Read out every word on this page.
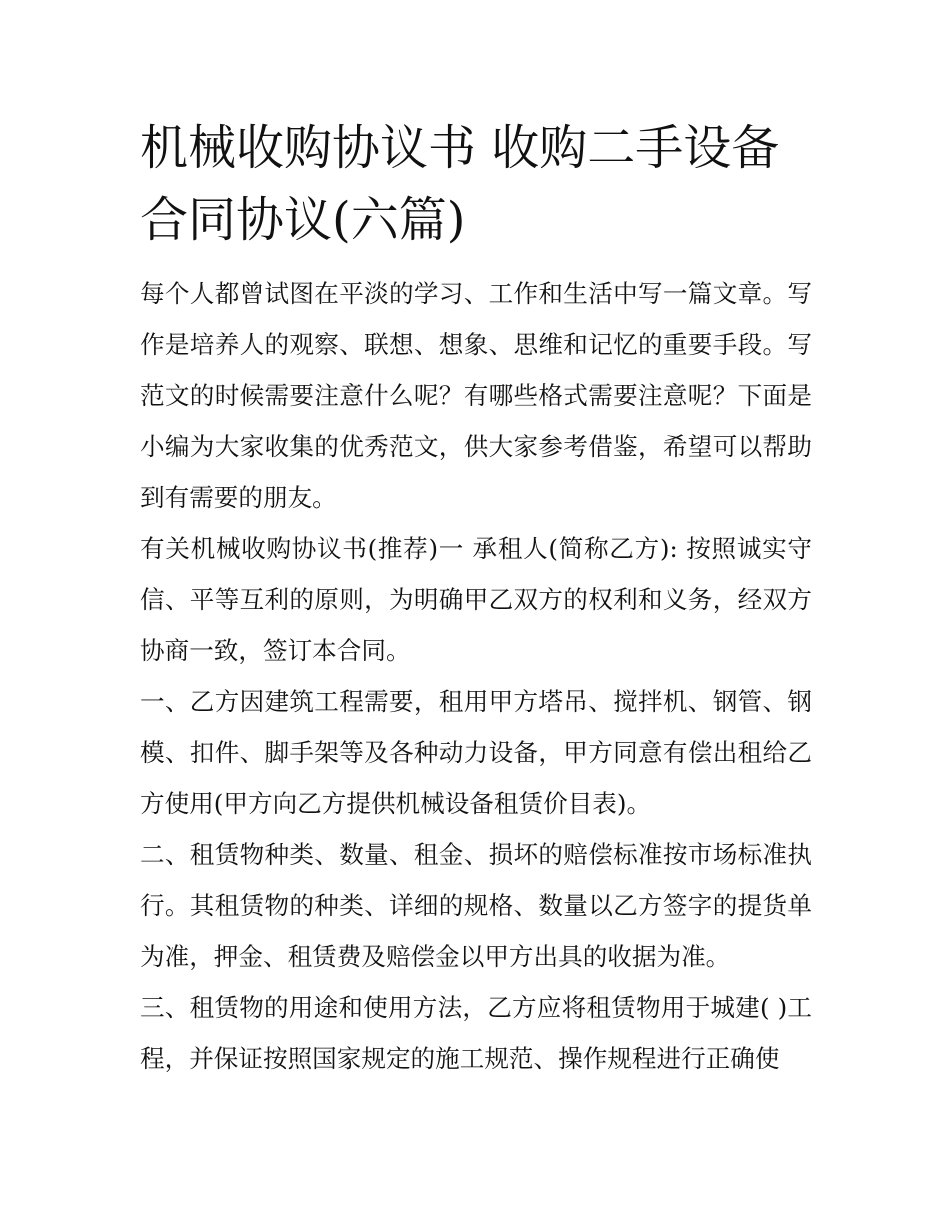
机械收购协议书 收购二手设备合同协议(六篇)

每个人都曾试图在平淡的学习、工作和生活中写一篇文章。写作是培养人的观察、联想、想象、思维和记忆的重要手段。写范文的时候需要注意什么呢？有哪些格式需要注意呢？下面是小编为大家收集的优秀范文，供大家参考借鉴，希望可以帮助到有需要的朋友。

有关机械收购协议书(推荐)一 承租人(简称乙方): 按照诚实守信、平等互利的原则，为明确甲乙双方的权利和义务，经双方协商一致，签订本合同。

一、乙方因建筑工程需要，租用甲方塔吊、搅拌机、钢管、钢模、扣件、脚手架等及各种动力设备，甲方同意有偿出租给乙方使用(甲方向乙方提供机械设备租赁价目表)。

二、租赁物种类、数量、租金、损坏的赔偿标准按市场标准执行。其租赁物的种类、详细的规格、数量以乙方签字的提货单为准，押金、租赁费及赔偿金以甲方出具的收据为准。

三、租赁物的用途和使用方法，乙方应将租赁物用于城建( )工程，并保证按照国家规定的施工规范、操作规程进行正确使
